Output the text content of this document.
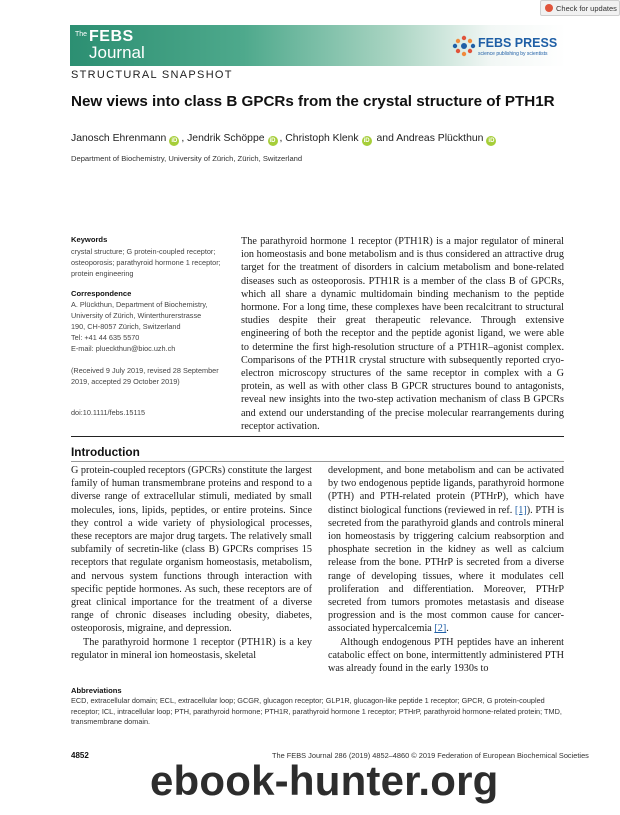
Check for updates
The FEBS
Journal	FEBS PRESS
science publishing by scientists
STRUCTURAL SNAPSHOT
New views into class B GPCRs from the crystal structure of PTH1R
Janosch Ehrenmann iD , Jendrik Schöppe iD , Christoph Klenk iD and Andreas Plückthun iD
Department of Biochemistry, University of Zürich, Zürich, Switzerland
Keywords
crystal structure; G protein-coupled receptor; osteoporosis; parathyroid hormone 1 receptor; protein engineering
Correspondence
A. Plückthun, Department of Biochemistry,
University of Zürich, Winterthurerstrasse
190, CH-8057 Zürich, Switzerland
Tel: +41 44 635 5570
E-mail: plueckthun@bioc.uzh.ch
(Received 9 July 2019, revised 28 September 2019, accepted 29 October 2019)
doi:10.1111/febs.15115
The parathyroid hormone 1 receptor (PTH1R) is a major regulator of mineral ion homeostasis and bone metabolism and is thus considered an attractive drug target for the treatment of disorders in calcium metabolism and bone-related diseases such as osteoporosis. PTH1R is a member of the class B of GPCRs, which all share a dynamic multidomain binding mechanism to the peptide hormone. For a long time, these complexes have been recalcitrant to structural studies despite their great therapeutic relevance. Through extensive engineering of both the receptor and the peptide agonist ligand, we were able to determine the first high-resolution structure of a PTH1R–agonist complex. Comparisons of the PTH1R crystal structure with subsequently reported cryo-electron microscopy structures of the same receptor in complex with a G protein, as well as with other class B GPCR structures bound to antagonists, reveal new insights into the two-step activation mechanism of class B GPCRs and extend our understanding of the precise molecular rearrangements during receptor activation.
Introduction

G protein-coupled receptors (GPCRs) constitute the largest family of human transmembrane proteins and respond to a diverse range of extracellular stimuli, mediated by small molecules, ions, lipids, peptides, or entire proteins. Since they control a wide variety of physiological processes, these receptors are major drug targets. The relatively small subfamily of secretin-like (class B) GPCRs comprises 15 receptors that regulate organism homeostasis, metabolism, and nervous system functions through interaction with specific peptide hormones. As such, these receptors are of great clinical importance for the treatment of a diverse range of chronic diseases including obesity, diabetes, osteoporosis, migraine, and depression.

The parathyroid hormone 1 receptor (PTH1R) is a key regulator in mineral ion homeostasis, skeletal

development, and bone metabolism and can be activated by two endogenous peptide ligands, parathyroid hormone (PTH) and PTH-related protein (PTHrP), which have distinct biological functions (reviewed in ref. [1]). PTH is secreted from the parathyroid glands and controls mineral ion homeostasis by triggering calcium reabsorption and phosphate secretion in the kidney as well as calcium release from the bone. PTHrP is secreted from a diverse range of developing tissues, where it modulates cell proliferation and differentiation. Moreover, PTHrP secreted from tumors promotes metastasis and disease progression and is the most common cause for cancer-associated hypercalcemia [2].

Although endogenous PTH peptides have an inherent catabolic effect on bone, intermittently administered PTH was already found in the early 1930s to

Abbreviations
ECD, extracellular domain; ECL, extracellular loop; GCGR, glucagon receptor; GLP1R, glucagon-like peptide 1 receptor; GPCR, G protein-coupled receptor; ICL, intracellular loop; PTH, parathyroid hormone; PTH1R, parathyroid hormone 1 receptor; PTHrP, parathyroid hormone-related protein; TMD, transmembrane domain.
4852	The FEBS Journal 286 (2019) 4852–4860 © 2019 Federation of European Biochemical Societies
ebook-hunter.org
